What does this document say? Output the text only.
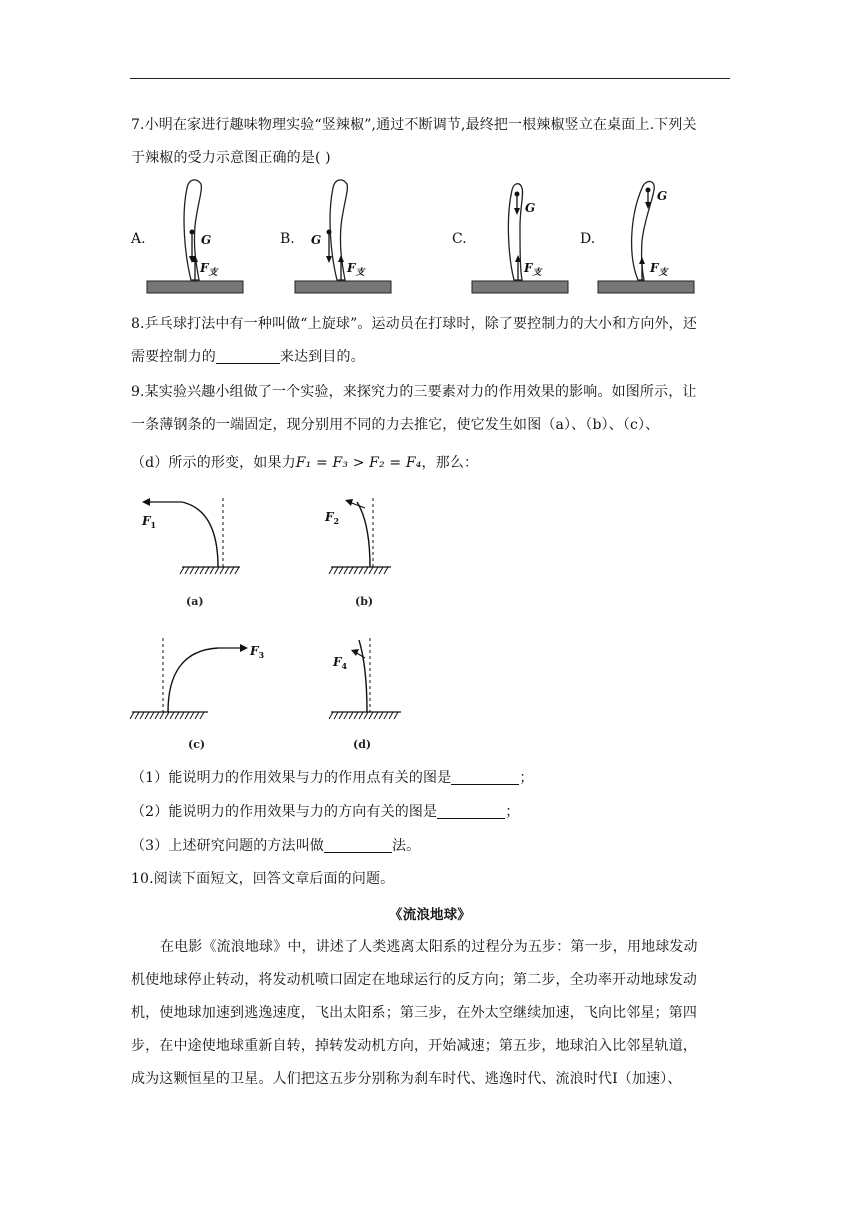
7.小明在家进行趣味物理实验“竖辣椒”,通过不断调节,最终把一根辣椒竖立在桌面上.下列关
于辣椒的受力示意图正确的是( )
A.	B.	C.	D.
G
$F_支$
G
$F_支$
G
$F_支$
G
$F_支$
8.乒乓球打法中有一种叫做“上旋球”。运动员在打球时，除了要控制力的大小和方向外，还
需要控制力的	来达到目的。
9.某实验兴趣小组做了一个实验，来探究力的三要素对力的作用效果的影响。如图所示，让
一条薄钢条的一端固定，现分别用不同的力去推它，使它发生如图（a）、（b）、（c）、
（d）所示的形变，如果力F₁ = F₃ > F₂ = F₄，那么：
$F_1$
(a)
$F_2$
(b)
$F_3$
(c)
$F_4$
(d)
（1）能说明力的作用效果与力的作用点有关的图是	；
（2）能说明力的作用效果与力的方向有关的图是	；
（3）上述研究问题的方法叫做	法。
10.阅读下面短文，回答文章后面的问题。
《流浪地球》
在电影《流浪地球》中，讲述了人类逃离太阳系的过程分为五步：第一步，用地球发动
机使地球停止转动，将发动机喷口固定在地球运行的反方向；第二步，全功率开动地球发动
机，使地球加速到逃逸速度，飞出太阳系；第三步，在外太空继续加速，飞向比邻星；第四
步，在中途使地球重新自转，掉转发动机方向，开始减速；第五步，地球泊入比邻星轨道，
成为这颗恒星的卫星。人们把这五步分别称为刹车时代、逃逸时代、流浪时代I（加速）、
